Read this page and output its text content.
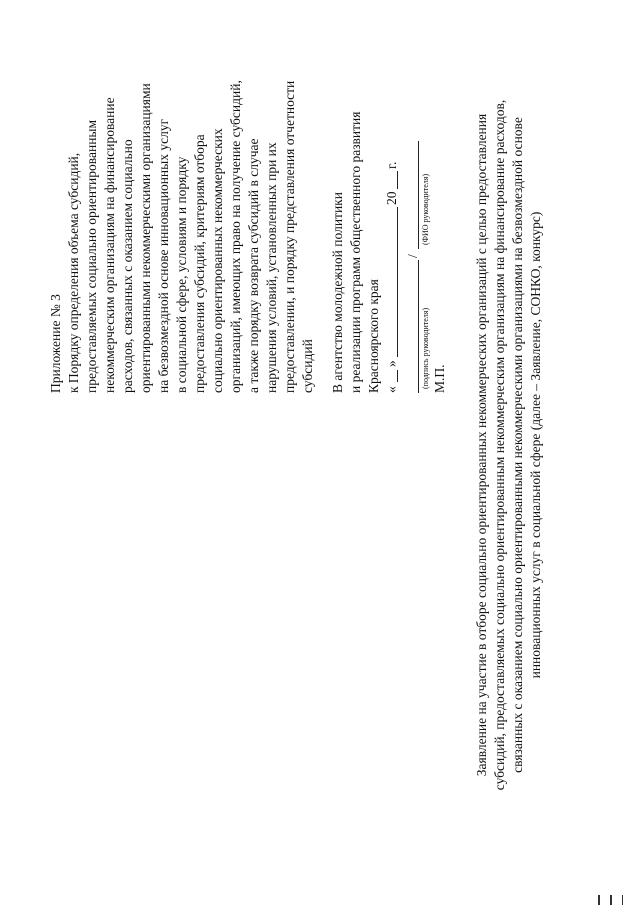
Приложение № 3 к Порядку определения объема субсидий, предоставляемых социально ориентированным некоммерческим организациям на финансирование расходов, связанных с оказанием социально ориентированными некоммерческими организациями на безвозмездной основе инновационных услуг в социальной сфере, условиям и порядку предоставления субсидий, критериям отбора социально ориентированных некоммерческих организаций, имеющих право на получение субсидий, а также порядку возврата субсидий в случае нарушения условий, установленных при их предоставлении, и порядку представления отчетности субсидий В агентство молодежной политики и реализации программ общественного развития Красноярского края «
»
20
г.
/
(подпись руководителя)
(ФИО руководителя)
М.П. Заявление на участие в отборе социально ориентированных некоммерческих организаций с целью предоставления субсидий, предоставляемых социально ориентированным некоммерческим организациям на финансирование расходов, связанных с оказанием социально ориентированными некоммерческими организациями на безвозмездной основе инновационных услуг в социальной сфере (далее – Заявление, СОНКО, конкурс)
